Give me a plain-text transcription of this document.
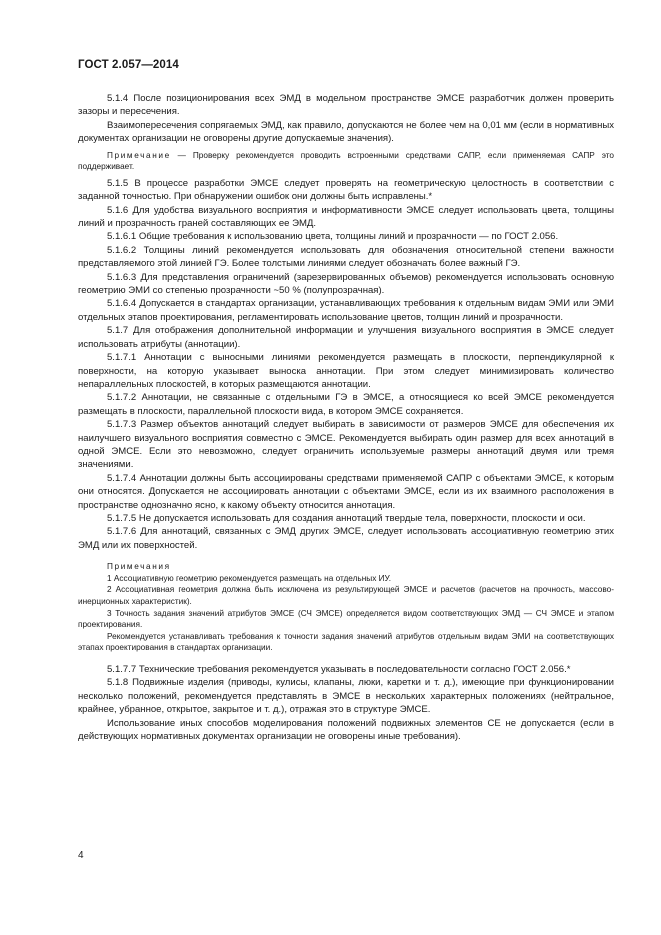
ГОСТ 2.057—2014

5.1.4 После позиционирования всех ЭМД в модельном пространстве ЭМСЕ разработчик должен проверить зазоры и пересечения.

Взаимопересечения сопрягаемых ЭМД, как правило, допускаются не более чем на 0,01 мм (если в нормативных документах организации не оговорены другие допускаемые значения).

Примечание — Проверку рекомендуется проводить встроенными средствами САПР, если применяемая САПР это поддерживает.

5.1.5 В процессе разработки ЭМСЕ следует проверять на геометрическую целостность в соответствии с заданной точностью. При обнаружении ошибок они должны быть исправлены.*

5.1.6 Для удобства визуального восприятия и информативности ЭМСЕ следует использовать цвета, толщины линий и прозрачность граней составляющих ее ЭМД.

5.1.6.1 Общие требования к использованию цвета, толщины линий и прозрачности — по ГОСТ 2.056.

5.1.6.2 Толщины линий рекомендуется использовать для обозначения относительной степени важности представляемого этой линией ГЭ. Более толстыми линиями следует обозначать более важный ГЭ.

5.1.6.3 Для представления ограничений (зарезервированных объемов) рекомендуется использовать основную геометрию ЭМИ со степенью прозрачности ~50 % (полупрозрачная).

5.1.6.4 Допускается в стандартах организации, устанавливающих требования к отдельным видам ЭМИ или ЭМИ отдельных этапов проектирования, регламентировать использование цветов, толщин линий и прозрачности.

5.1.7 Для отображения дополнительной информации и улучшения визуального восприятия в ЭМСЕ следует использовать атрибуты (аннотации).

5.1.7.1 Аннотации с выносными линиями рекомендуется размещать в плоскости, перпендикулярной к поверхности, на которую указывает выноска аннотации. При этом следует минимизировать количество непараллельных плоскостей, в которых размещаются аннотации.

5.1.7.2 Аннотации, не связанные с отдельными ГЭ в ЭМСЕ, а относящиеся ко всей ЭМСЕ рекомендуется размещать в плоскости, параллельной плоскости вида, в котором ЭМСЕ сохраняется.

5.1.7.3 Размер объектов аннотаций следует выбирать в зависимости от размеров ЭМСЕ для обеспечения их наилучшего визуального восприятия совместно с ЭМСЕ. Рекомендуется выбирать один размер для всех аннотаций в одной ЭМСЕ. Если это невозможно, следует ограничить используемые размеры аннотаций двумя или тремя значениями.

5.1.7.4 Аннотации должны быть ассоциированы средствами применяемой САПР с объектами ЭМСЕ, к которым они относятся. Допускается не ассоциировать аннотации с объектами ЭМСЕ, если из их взаимного расположения в пространстве однозначно ясно, к какому объекту относится аннотация.

5.1.7.5 Не допускается использовать для создания аннотаций твердые тела, поверхности, плоскости и оси.

5.1.7.6 Для аннотаций, связанных с ЭМД других ЭМСЕ, следует использовать ассоциативную геометрию этих ЭМД или их поверхностей.

Примечания

1 Ассоциативную геометрию рекомендуется размещать на отдельных ИУ.

2 Ассоциативная геометрия должна быть исключена из результирующей ЭМСЕ и расчетов (расчетов на прочность, массово-инерционных характеристик).

3 Точность задания значений атрибутов ЭМСЕ (СЧ ЭМСЕ) определяется видом соответствующих ЭМД — СЧ ЭМСЕ и этапом проектирования.

Рекомендуется устанавливать требования к точности задания значений атрибутов отдельным видам ЭМИ на соответствующих этапах проектирования в стандартах организации.

5.1.7.7 Технические требования рекомендуется указывать в последовательности согласно ГОСТ 2.056.*

5.1.8 Подвижные изделия (приводы, кулисы, клапаны, люки, каретки и т. д.), имеющие при функционировании несколько положений, рекомендуется представлять в ЭМСЕ в нескольких характерных положениях (нейтральное, крайнее, убранное, открытое, закрытое и т. д.), отражая это в структуре ЭМСЕ.

Использование иных способов моделирования положений подвижных элементов СЕ не допускается (если в действующих нормативных документах организации не оговорены иные требования).

4
